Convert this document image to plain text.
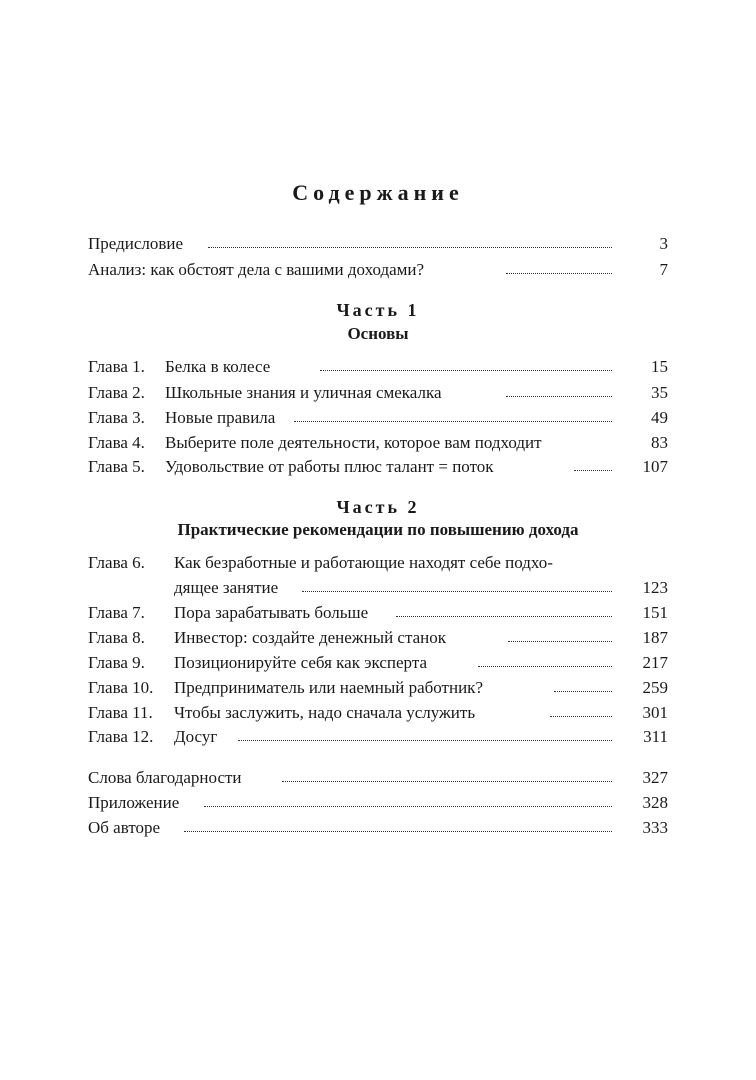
Содержание
Предисловие	3
Анализ: как обстоят дела с вашими доходами?	7
Часть 1
Основы
Глава 1. Белка в колесе	15
Глава 2. Школьные знания и уличная смекалка	35
Глава 3. Новые правила	49
Глава 4. Выберите поле деятельности, которое вам подходит	83
Глава 5. Удовольствие от работы плюс талант = поток	107
Часть 2
Практические рекомендации по повышению дохода
Глава 6. Как безработные и работающие находят себе подхо-
дящее занятие	123
Глава 7. Пора зарабатывать больше	151
Глава 8. Инвестор: создайте денежный станок	187
Глава 9. Позиционируйте себя как эксперта	217
Глава 10. Предприниматель или наемный работник?	259
Глава 11. Чтобы заслужить, надо сначала услужить	301
Глава 12. Досуг	311
Слова благодарности	327
Приложение	328
Об авторе	333
